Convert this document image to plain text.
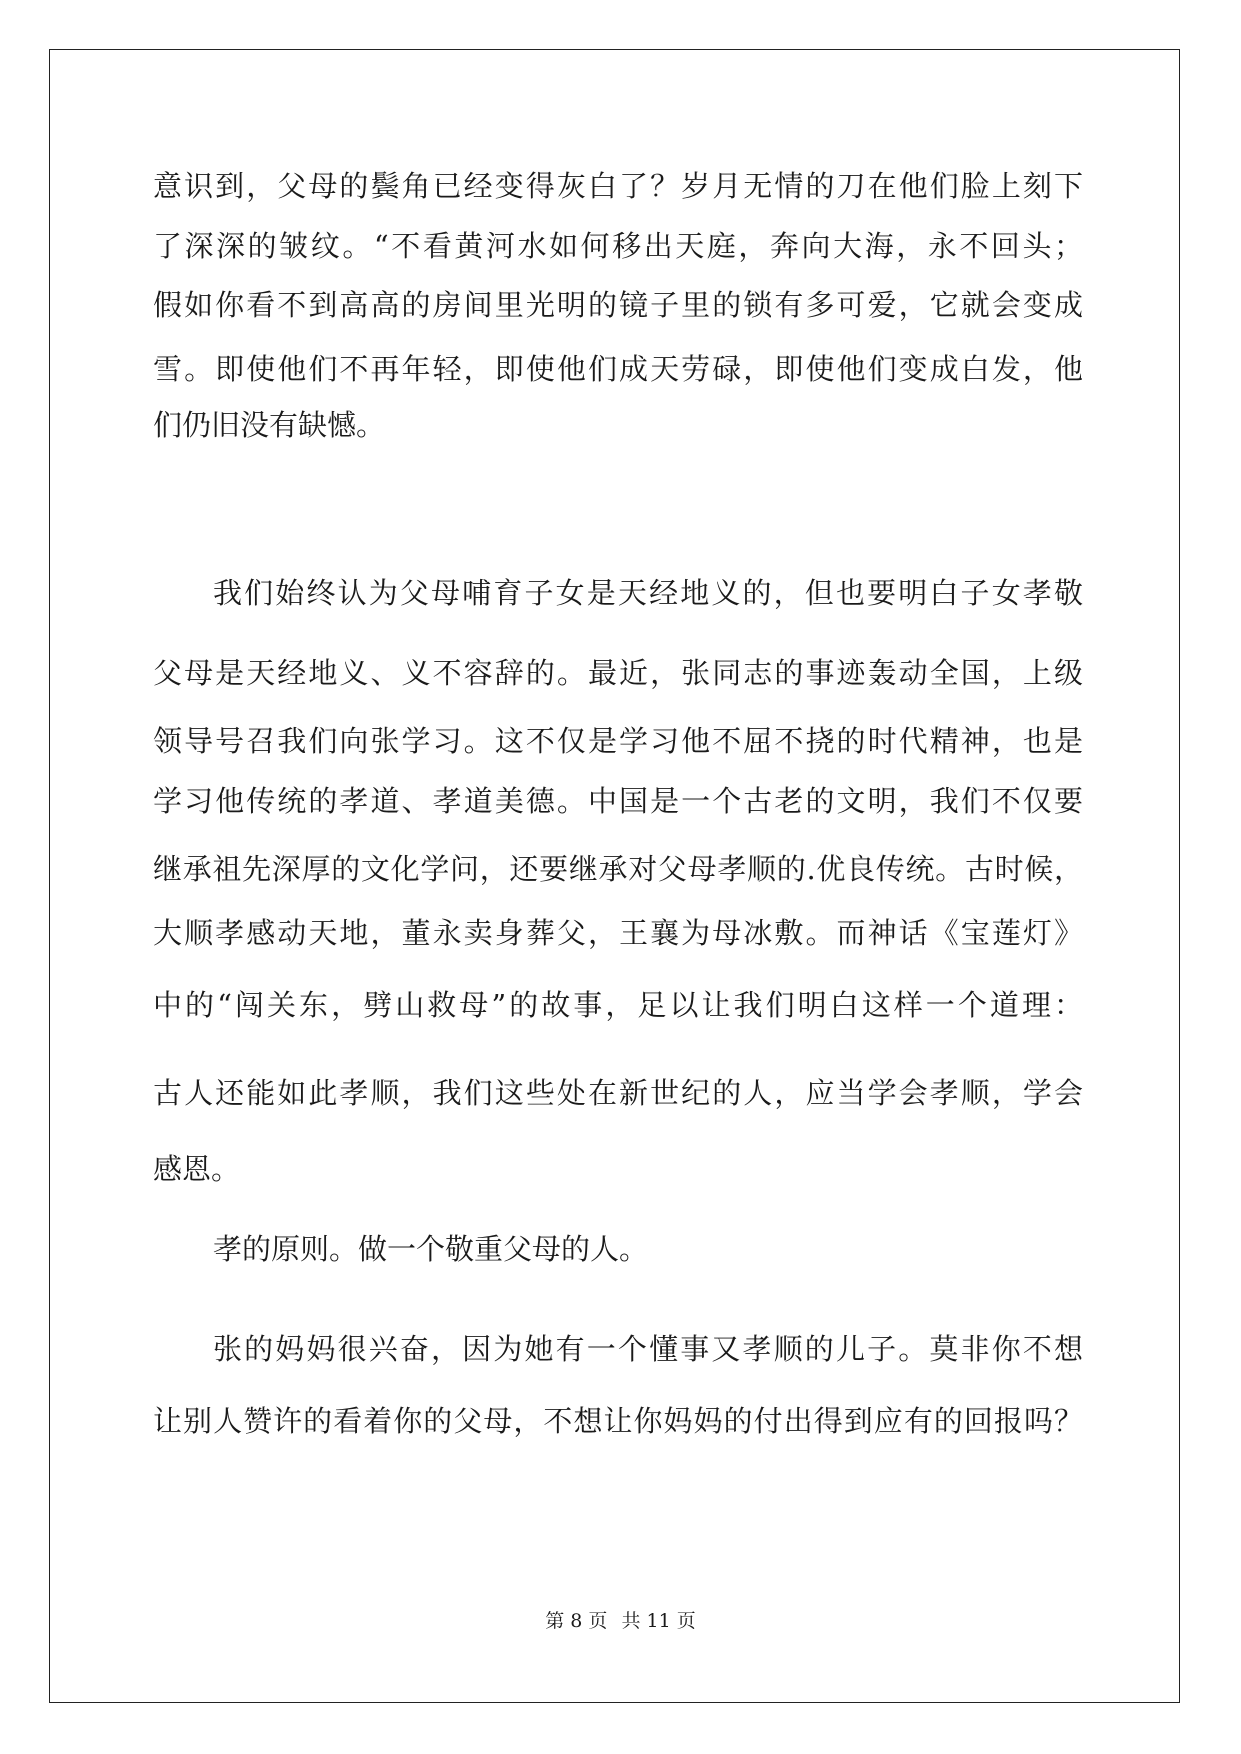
意识到，父母的鬓角已经变得灰白了？岁月无情的刀在他们脸上刻下
了深深的皱纹。“不看黄河水如何移出天庭，奔向大海，永不回头；
假如你看不到高高的房间里光明的镜子里的锁有多可爱，它就会变成
雪。即使他们不再年轻，即使他们成天劳碌，即使他们变成白发，他
们仍旧没有缺憾。
我们始终认为父母哺育子女是天经地义的，但也要明白子女孝敬
父母是天经地义、义不容辞的。最近，张同志的事迹轰动全国，上级
领导号召我们向张学习。这不仅是学习他不屈不挠的时代精神，也是
学习他传统的孝道、孝道美德。中国是一个古老的文明，我们不仅要
继承祖先深厚的文化学问，还要继承对父母孝顺的.优良传统。古时候，
大顺孝感动天地，董永卖身葬父，王襄为母冰敷。而神话《宝莲灯》
中的“闯关东，劈山救母”的故事，足以让我们明白这样一个道理：
古人还能如此孝顺，我们这些处在新世纪的人，应当学会孝顺，学会
感恩。
孝的原则。做一个敬重父母的人。
张的妈妈很兴奋，因为她有一个懂事又孝顺的儿子。莫非你不想
让别人赞许的看着你的父母，不想让你妈妈的付出得到应有的回报吗？
第 8 页 共 11 页
